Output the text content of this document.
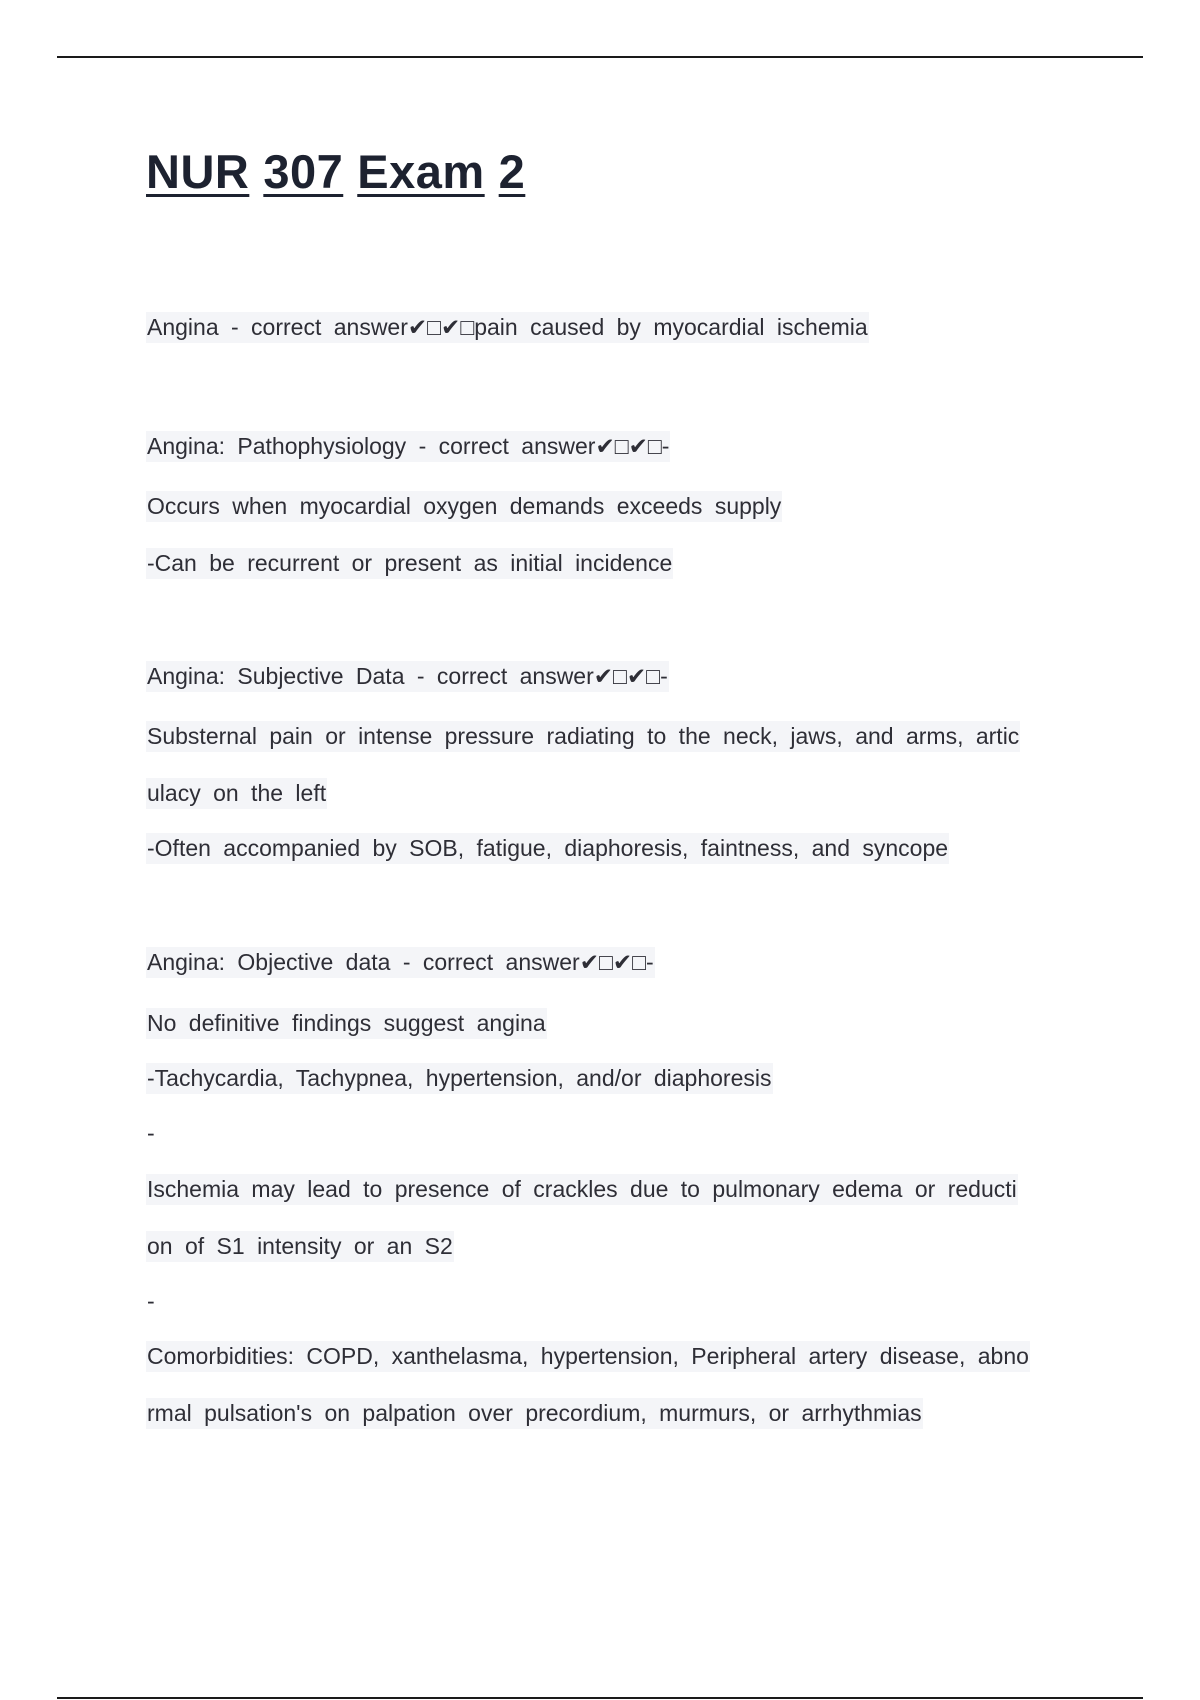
NUR 307 Exam 2
Angina - correct answer✔□✔□pain caused by myocardial ischemia
Angina: Pathophysiology - correct answer✔□✔□-
Occurs when myocardial oxygen demands exceeds supply
-Can be recurrent or present as initial incidence
Angina: Subjective Data - correct answer✔□✔□-
Substernal pain or intense pressure radiating to the neck, jaws, and arms, artic
ulacy on the left
-Often accompanied by SOB, fatigue, diaphoresis, faintness, and syncope
Angina: Objective data - correct answer✔□✔□-
No definitive findings suggest angina
-Tachycardia, Tachypnea, hypertension, and/or diaphoresis
-
Ischemia may lead to presence of crackles due to pulmonary edema or reducti
on of S1 intensity or an S2
-
Comorbidities: COPD, xanthelasma, hypertension, Peripheral artery disease, abno
rmal pulsation's on palpation over precordium, murmurs, or arrhythmias
